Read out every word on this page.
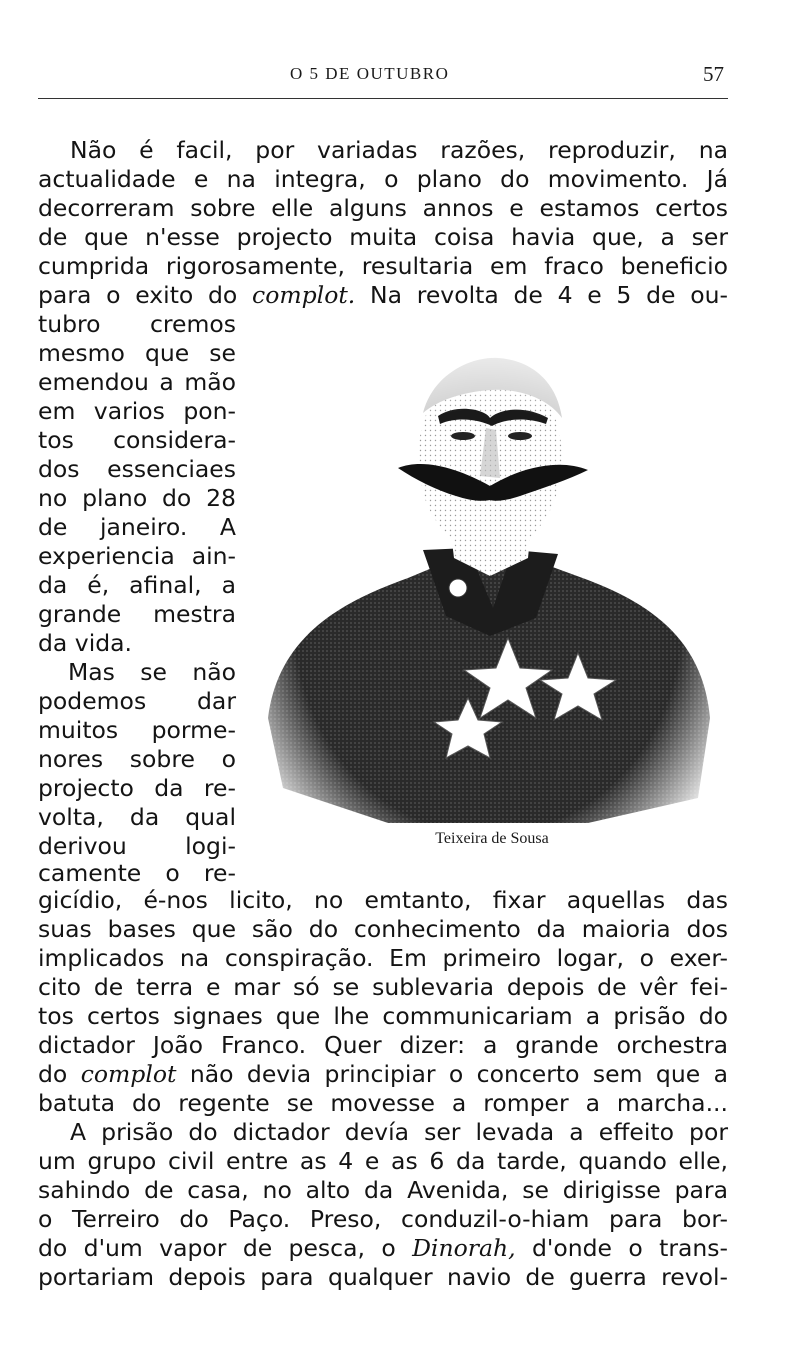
O 5 DE OUTUBRO	57
Não é facil, por variadas razões, reproduzir, na
actualidade e na integra, o plano do movimento. Já
decorreram sobre elle alguns annos e estamos certos
de que n'esse projecto muita coisa havia que, a ser
cumprida rigorosamente, resultaria em fraco beneficio
para o exito do complot. Na revolta de 4 e 5 de ou-
tubro cremos
mesmo que se
emendou a mão
em varios pon-
tos considera-
dos essenciaes
no plano do 28
de janeiro. A
experiencia ain-
da é, afinal, a
grande mestra
da vida.
Mas se não
podemos dar
muitos porme-
nores sobre o
projecto da re-
volta, da qual
derivou logi-
camente o re-
gicídio, é-nos licito, no emtanto, fixar aquellas das
suas bases que são do conhecimento da maioria dos
implicados na conspiração. Em primeiro logar, o exer-
cito de terra e mar só se sublevaria depois de vêr fei-
tos certos signaes que lhe communicariam a prisão do
dictador João Franco. Quer dizer: a grande orchestra
do complot não devia principiar o concerto sem que a
batuta do regente se movesse a romper a marcha...
A prisão do dictador devía ser levada a effeito por
um grupo civil entre as 4 e as 6 da tarde, quando elle,
sahindo de casa, no alto da Avenida, se dirigisse para
o Terreiro do Paço. Preso, conduzil-o-hiam para bor-
do d'um vapor de pesca, o Dinorah, d'onde o trans-
portariam depois para qualquer navio de guerra revol-
Teixeira de Sousa
